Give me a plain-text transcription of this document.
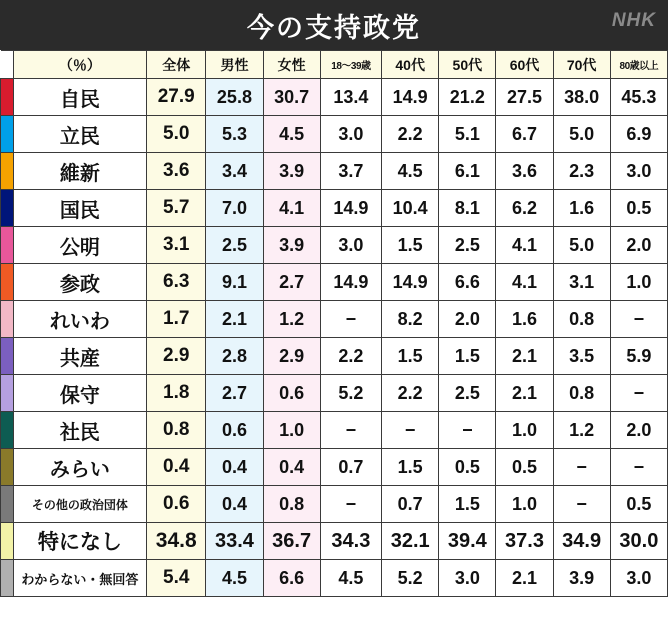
今の支持政党	NHK
	（％）	全体	男性	女性	18〜39歳	40代	50代	60代	70代	80歳以上
	自民	27.9	25.8	30.7	13.4	14.9	21.2	27.5	38.0	45.3
	立民	5.0	5.3	4.5	3.0	2.2	5.1	6.7	5.0	6.9
	維新	3.6	3.4	3.9	3.7	4.5	6.1	3.6	2.3	3.0
	国民	5.7	7.0	4.1	14.9	10.4	8.1	6.2	1.6	0.5
	公明	3.1	2.5	3.9	3.0	1.5	2.5	4.1	5.0	2.0
	参政	6.3	9.1	2.7	14.9	14.9	6.6	4.1	3.1	1.0
	れいわ	1.7	2.1	1.2	−	8.2	2.0	1.6	0.8	−
	共産	2.9	2.8	2.9	2.2	1.5	1.5	2.1	3.5	5.9
	保守	1.8	2.7	0.6	5.2	2.2	2.5	2.1	0.8	−
	社民	0.8	0.6	1.0	−	−	−	1.0	1.2	2.0
	みらい	0.4	0.4	0.4	0.7	1.5	0.5	0.5	−	−
	その他の政治団体	0.6	0.4	0.8	−	0.7	1.5	1.0	−	0.5
	特になし	34.8	33.4	36.7	34.3	32.1	39.4	37.3	34.9	30.0
	わからない・無回答	5.4	4.5	6.6	4.5	5.2	3.0	2.1	3.9	3.0
